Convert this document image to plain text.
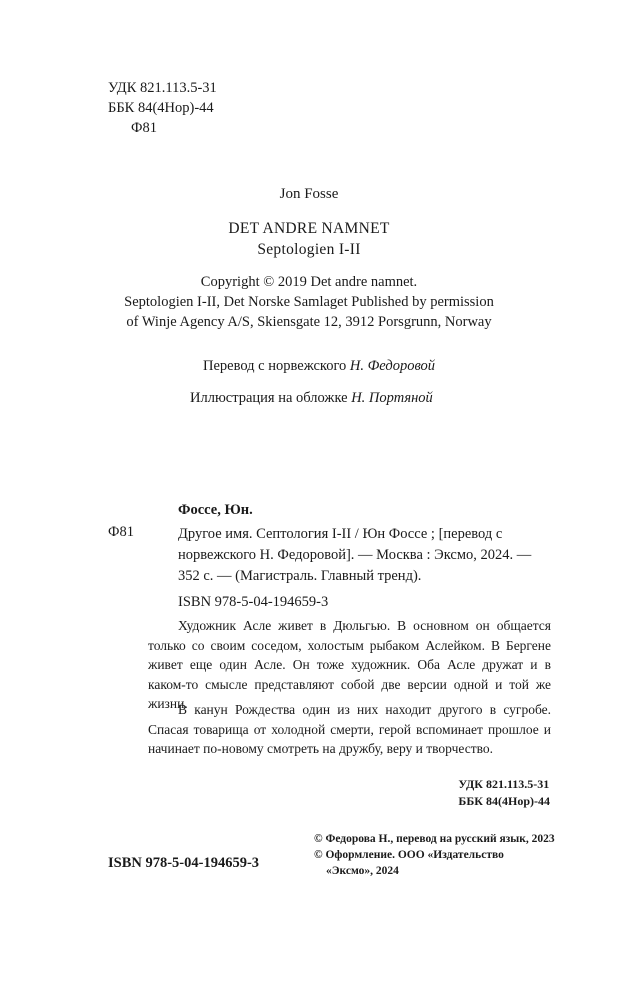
УДК 821.113.5-31
ББК 84(4Нор)-44
Ф81
Jon Fosse
DET ANDRE NAMNET
Septologien I-II
Copyright © 2019 Det andre namnet.
Septologien I-II, Det Norske Samlaget Published by permission
of Winje Agency A/S, Skiensgate 12, 3912 Porsgrunn, Norway
Перевод с норвежского Н. Федоровой
Иллюстрация на обложке Н. Портяной
Фоссе, Юн.
Ф81	Другое имя. Септология I-II / Юн Фоссе ; [перевод с норвежского Н. Федоровой]. — Москва : Эксмо, 2024. — 352 с. — (Магистраль. Главный тренд).
ISBN 978-5-04-194659-3

Художник Асле живет в Дюльгью. В основном он общается только со своим соседом, холостым рыбаком Аслейком. В Бергене живет еще один Асле. Он тоже художник. Оба Асле дружат и в каком-то смысле представляют собой две версии одной и той же жизни.

В канун Рождества один из них находит другого в сугробе. Спасая товарища от холодной смерти, герой вспоминает прошлое и начинает по-новому смотреть на дружбу, веру и творчество.

УДК 821.113.5-31
ББК 84(4Нор)-44
© Федорова Н., перевод на русский язык, 2023
© Оформление. ООО «Издательство
«Эксмо», 2024
ISBN 978-5-04-194659-3
